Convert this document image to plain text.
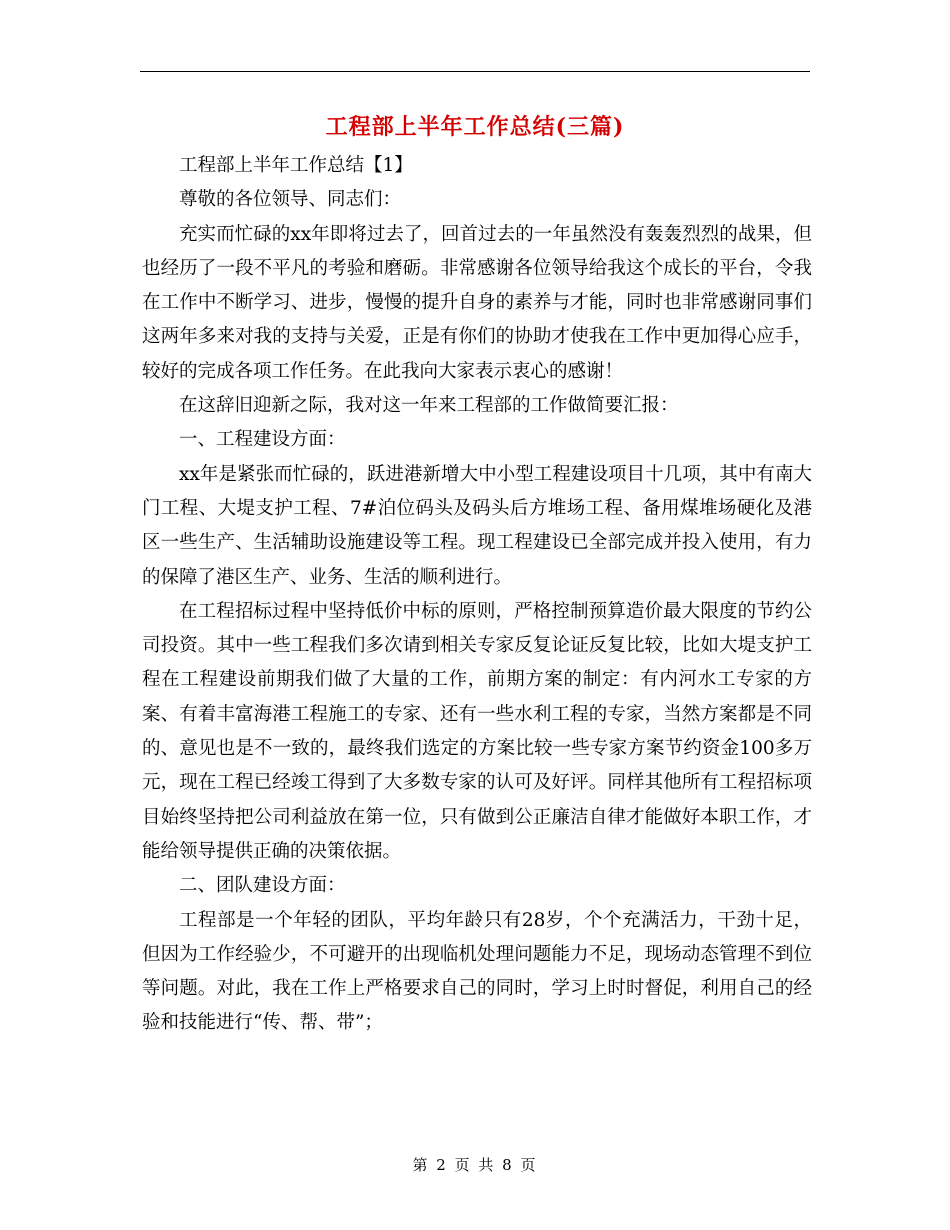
工程部上半年工作总结(三篇)

工程部上半年工作总结【1】

尊敬的各位领导、同志们：

充实而忙碌的xx年即将过去了，回首过去的一年虽然没有轰轰烈烈的战果，但也经历了一段不平凡的考验和磨砺。非常感谢各位领导给我这个成长的平台，令我在工作中不断学习、进步，慢慢的提升自身的素养与才能，同时也非常感谢同事们这两年多来对我的支持与关爱，正是有你们的协助才使我在工作中更加得心应手，较好的完成各项工作任务。在此我向大家表示衷心的感谢！

在这辞旧迎新之际，我对这一年来工程部的工作做简要汇报：

一、工程建设方面：

xx年是紧张而忙碌的，跃进港新增大中小型工程建设项目十几项，其中有南大门工程、大堤支护工程、7#泊位码头及码头后方堆场工程、备用煤堆场硬化及港区一些生产、生活辅助设施建设等工程。现工程建设已全部完成并投入使用，有力的保障了港区生产、业务、生活的顺利进行。

在工程招标过程中坚持低价中标的原则，严格控制预算造价最大限度的节约公司投资。其中一些工程我们多次请到相关专家反复论证反复比较，比如大堤支护工程在工程建设前期我们做了大量的工作，前期方案的制定：有内河水工专家的方案、有着丰富海港工程施工的专家、还有一些水利工程的专家，当然方案都是不同的、意见也是不一致的，最终我们选定的方案比较一些专家方案节约资金100多万元，现在工程已经竣工得到了大多数专家的认可及好评。同样其他所有工程招标项目始终坚持把公司利益放在第一位，只有做到公正廉洁自律才能做好本职工作，才能给领导提供正确的决策依据。

二、团队建设方面：

工程部是一个年轻的团队，平均年龄只有28岁，个个充满活力，干劲十足，但因为工作经验少，不可避开的出现临机处理问题能力不足，现场动态管理不到位等问题。对此，我在工作上严格要求自己的同时，学习上时时督促，利用自己的经验和技能进行“传、帮、带”；

第 2 页 共 8 页
